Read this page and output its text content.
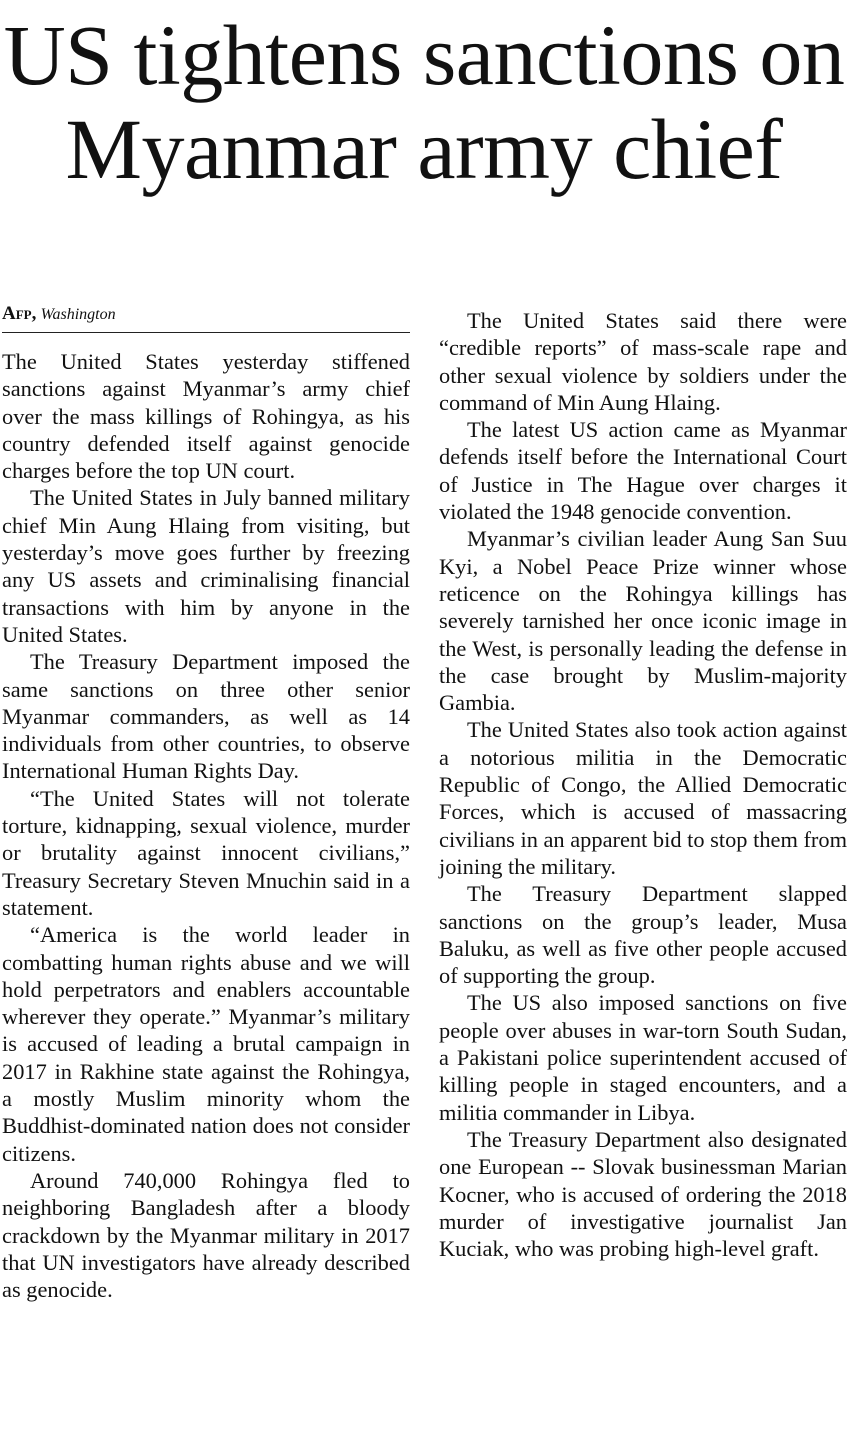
US tightens sanctions on Myanmar army chief
Afp, Washington

The United States yesterday stiffened sanctions against Myanmar’s army chief over the mass killings of Rohingya, as his country defended itself against genocide charges before the top UN court.

The United States in July banned military chief Min Aung Hlaing from visiting, but yesterday’s move goes further by freezing any US assets and criminalising financial transactions with him by anyone in the United States.

The Treasury Department imposed the same sanctions on three other senior Myanmar commanders, as well as 14 individuals from other countries, to observe International Human Rights Day.

“The United States will not tolerate torture, kidnapping, sexual violence, murder or brutality against innocent civilians,” Treasury Secretary Steven Mnuchin said in a statement.

“America is the world leader in combatting human rights abuse and we will hold perpetrators and enablers accountable wherever they operate.” Myanmar’s military is accused of leading a brutal campaign in 2017 in Rakhine state against the Rohingya, a mostly Muslim minority whom the Buddhist-dominated nation does not consider citizens.

Around 740,000 Rohingya fled to neighboring Bangladesh after a bloody crackdown by the Myanmar military in 2017 that UN investigators have already described as genocide.

The United States said there were “credible reports” of mass-scale rape and other sexual violence by soldiers under the command of Min Aung Hlaing.

The latest US action came as Myanmar defends itself before the International Court of Justice in The Hague over charges it violated the 1948 genocide convention.

Myanmar’s civilian leader Aung San Suu Kyi, a Nobel Peace Prize winner whose reticence on the Rohingya killings has severely tarnished her once iconic image in the West, is personally leading the defense in the case brought by Muslim-majority Gambia.

The United States also took action against a notorious militia in the Democratic Republic of Congo, the Allied Democratic Forces, which is accused of massacring civilians in an apparent bid to stop them from joining the military.

The Treasury Department slapped sanctions on the group’s leader, Musa Baluku, as well as five other people accused of supporting the group.

The US also imposed sanctions on five people over abuses in war-torn South Sudan, a Pakistani police superintendent accused of killing people in staged encounters, and a militia commander in Libya.

The Treasury Department also designated one European -- Slovak businessman Marian Kocner, who is accused of ordering the 2018 murder of investigative journalist Jan Kuciak, who was probing high-level graft.
